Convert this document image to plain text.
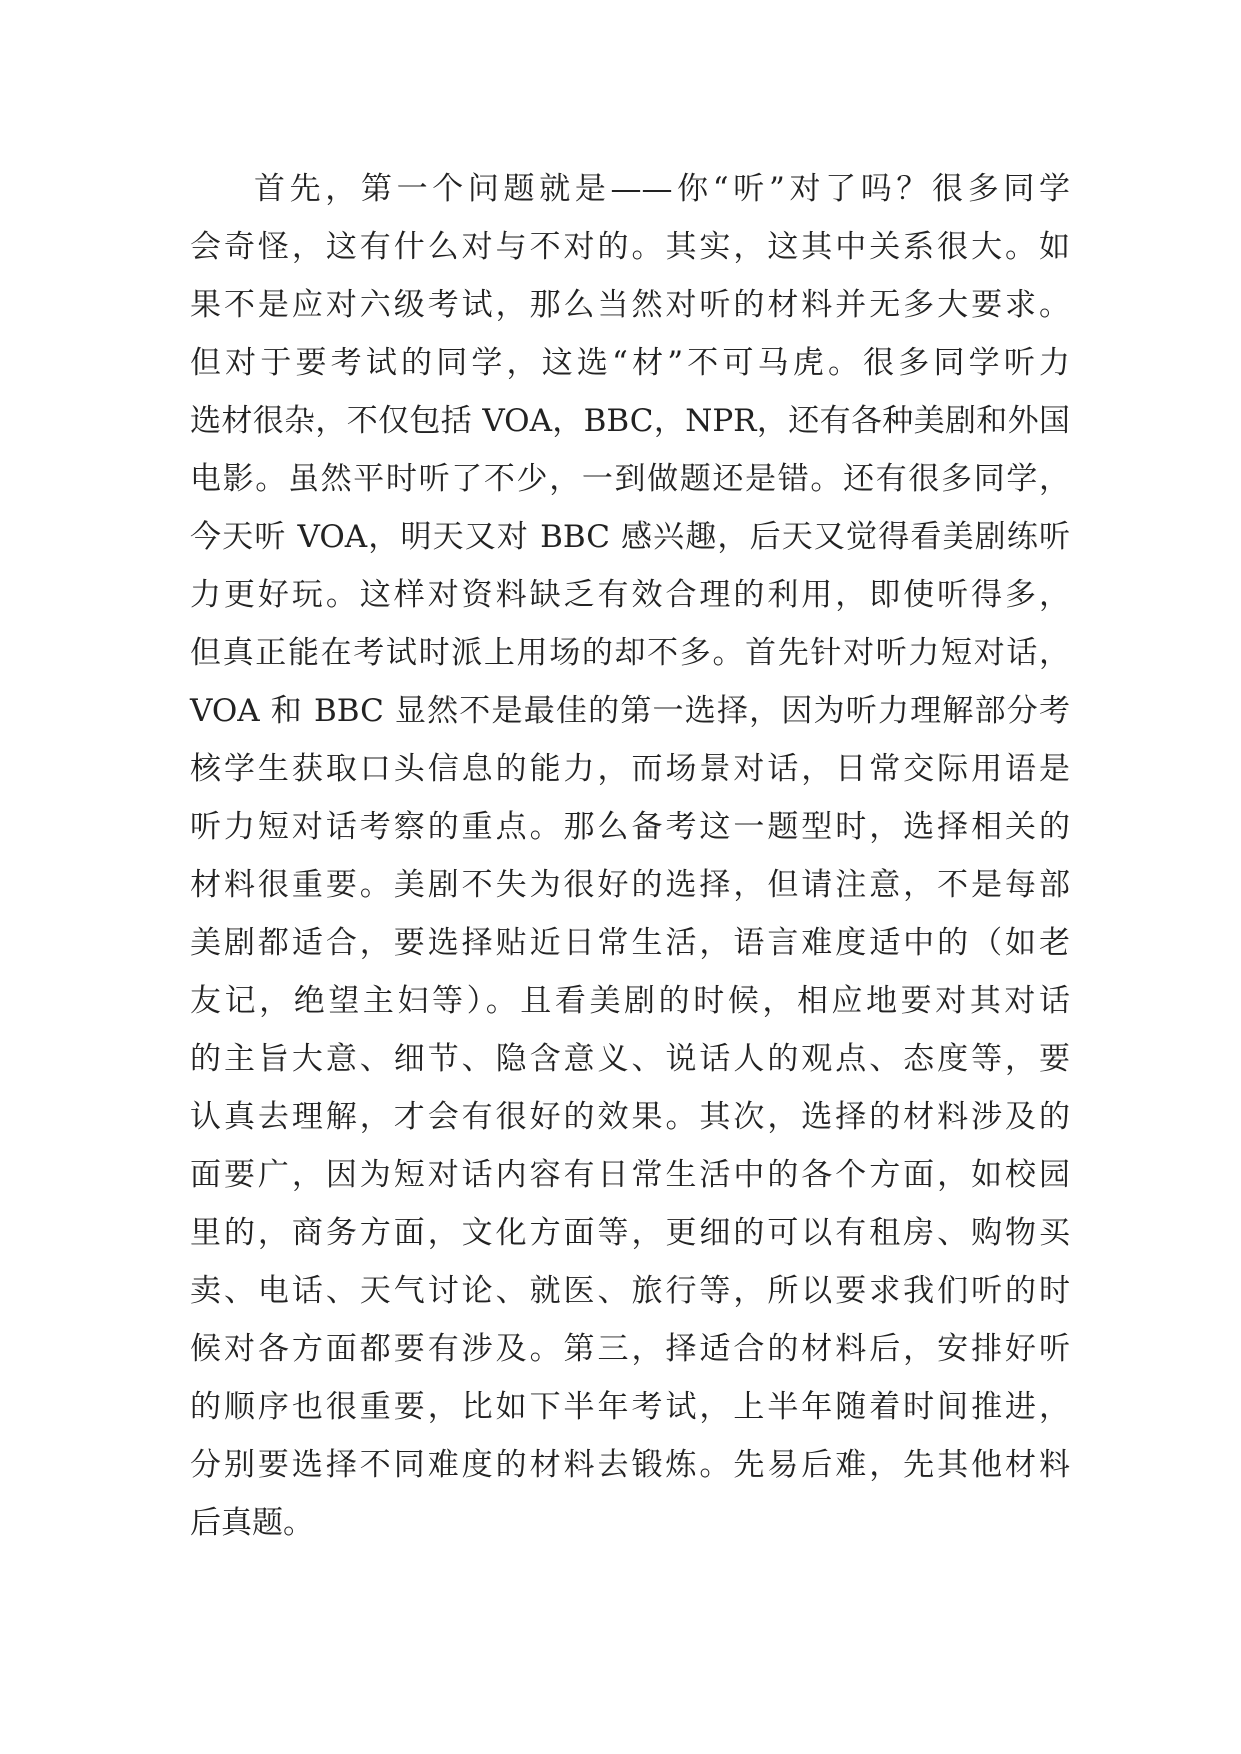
首先，第一个问题就是——你“听”对了吗？很多同学
会奇怪，这有什么对与不对的。其实，这其中关系很大。如
果不是应对六级考试，那么当然对听的材料并无多大要求。
但对于要考试的同学，这选“材”不可马虎。很多同学听力
选材很杂，不仅包括 VOA，BBC，NPR，还有各种美剧和外国
电影。虽然平时听了不少，一到做题还是错。还有很多同学，
今天听 VOA，明天又对 BBC 感兴趣，后天又觉得看美剧练听
力更好玩。这样对资料缺乏有效合理的利用，即使听得多，
但真正能在考试时派上用场的却不多。首先针对听力短对话，
VOA 和 BBC 显然不是最佳的第一选择，因为听力理解部分考
核学生获取口头信息的能力，而场景对话，日常交际用语是
听力短对话考察的重点。那么备考这一题型时，选择相关的
材料很重要。美剧不失为很好的选择，但请注意，不是每部
美剧都适合，要选择贴近日常生活，语言难度适中的（如老
友记，绝望主妇等）。且看美剧的时候，相应地要对其对话
的主旨大意、细节、隐含意义、说话人的观点、态度等，要
认真去理解，才会有很好的效果。其次，选择的材料涉及的
面要广，因为短对话内容有日常生活中的各个方面，如校园
里的，商务方面，文化方面等，更细的可以有租房、购物买
卖、电话、天气讨论、就医、旅行等，所以要求我们听的时
候对各方面都要有涉及。第三，择适合的材料后，安排好听
的顺序也很重要，比如下半年考试，上半年随着时间推进，
分别要选择不同难度的材料去锻炼。先易后难，先其他材料
后真题。
